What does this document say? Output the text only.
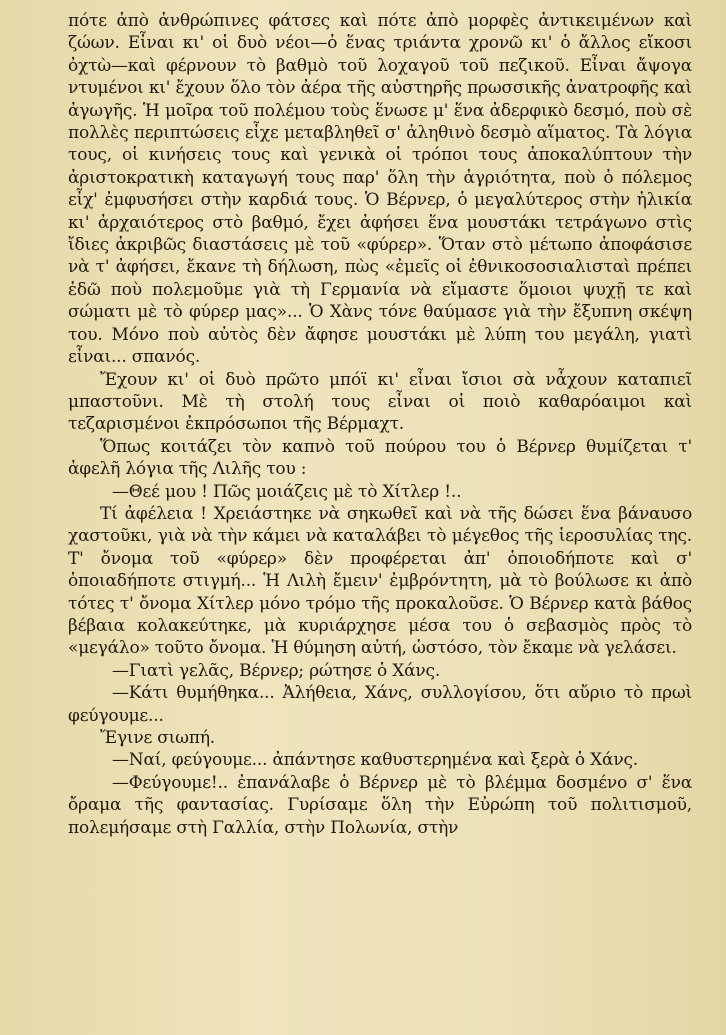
πότε ἀπὸ ἀνθρώπινες φάτσες καὶ πότε ἀπὸ μορφὲς ἀντικειμένων καὶ ζώων. Εἶναι κι' οἱ δυὸ νέοι—ὁ ἕνας τριάντα χρονῶ κι' ὁ ἄλλος εἴκοσι ὀχτὼ—καὶ φέρνουν τὸ βαθμὸ τοῦ λοχαγοῦ τοῦ πεζικοῦ. Εἶναι ἄψογα ντυμένοι κι' ἔχουν ὅλο τὸν ἀέρα τῆς αὐστηρῆς πρωσσικῆς ἀνατροφῆς καὶ ἀγωγῆς. Ἡ μοῖρα τοῦ πολέμου τοὺς ἕνωσε μ' ἕνα ἀδερφικὸ δεσμό, ποὺ σὲ πολλὲς περιπτώσεις εἶχε μεταβληθεῖ σ' ἀληθινὸ δεσμὸ αἵματος. Τὰ λόγια τους, οἱ κινήσεις τους καὶ γενικὰ οἱ τρόποι τους ἀποκαλύπτουν τὴν ἀριστοκρατικὴ καταγωγή τους παρ' ὅλη τὴν ἀγριότητα, ποὺ ὁ πόλεμος εἶχ' ἐμφυσήσει στὴν καρδιά τους. Ὁ Βέρνερ, ὁ μεγαλύτερος στὴν ἡλικία κι' ἀρχαιότερος στὸ βαθμό, ἔχει ἀφήσει ἕνα μουστάκι τετράγωνο στὶς ἴδιες ἀκριβῶς διαστάσεις μὲ τοῦ «φύρερ». Ὅταν στὸ μέτωπο ἀποφάσισε νὰ τ' ἀφήσει, ἔκανε τὴ δήλωση, πὼς «ἐμεῖς οἱ ἐθνικοσοσιαλισταὶ πρέπει ἐδῶ ποὺ πολεμοῦμε γιὰ τὴ Γερμανία νὰ εἴμαστε ὅμοιοι ψυχῇ τε καὶ σώματι μὲ τὸ φύρερ μας»... Ὁ Χὰνς τόνε θαύμασε γιὰ τὴν ἔξυπνη σκέψη του. Μόνο ποὺ αὐτὸς δὲν ἄφησε μουστάκι μὲ λύπη του μεγάλη, γιατὶ εἶναι... σπανός.

Ἔχουν κι' οἱ δυὸ πρῶτο μπόϊ κι' εἶναι ἴσιοι σὰ νἆχουν καταπιεῖ μπαστοῦνι. Μὲ τὴ στολή τους εἶναι οἱ ποιὸ καθαρόαιμοι καὶ τεζαρισμένοι ἐκπρόσωποι τῆς Βέρμαχτ.

Ὅπως κοιτάζει τὸν καπνὸ τοῦ πούρου του ὁ Βέρνερ θυμίζεται τ' ἀφελῆ λόγια τῆς Λιλῆς του :

—Θεέ μου ! Πῶς μοιάζεις μὲ τὸ Χίτλερ !..

Τί ἀφέλεια ! Χρειάστηκε νὰ σηκωθεῖ καὶ νὰ τῆς δώσει ἕνα βάναυσο χαστοῦκι, γιὰ νὰ τὴν κάμει νὰ καταλάβει τὸ μέγεθος τῆς ἱεροσυλίας της. Τ' ὄνομα τοῦ «φύρερ» δὲν προφέρεται ἀπ' ὁποιοδήποτε καὶ σ' ὁποιαδήποτε στιγμή... Ἡ Λιλὴ ἔμειν' ἐμβρόντητη, μὰ τὸ βούλωσε κι ἀπὸ τότες τ' ὄνομα Χίτλερ μόνο τρόμο τῆς προκαλοῦσε. Ὁ Βέρνερ κατὰ βάθος βέβαια κολακεύτηκε, μὰ κυριάρχησε μέσα του ὁ σεβασμὸς πρὸς τὸ «μεγάλο» τοῦτο ὄνομα. Ἡ θύμηση αὐτή, ὡστόσο, τὸν ἔκαμε νὰ γελάσει.

—Γιατὶ γελᾶς, Βέρνερ; ρώτησε ὁ Χάνς.

—Κάτι θυμήθηκα... Ἀλήθεια, Χάνς, συλλογίσου, ὅτι αὔριο τὸ πρωὶ φεύγουμε...

Ἔγινε σιωπή.

—Ναί, φεύγουμε... ἀπάντησε καθυστερημένα καὶ ξερὰ ὁ Χάνς.

—Φεύγουμε!.. ἐπανάλαβε ὁ Βέρνερ μὲ τὸ βλέμμα δοσμένο σ' ἕνα ὄραμα τῆς φαντασίας. Γυρίσαμε ὅλη τὴν Εὐρώπη τοῦ πολιτισμοῦ, πολεμήσαμε στὴ Γαλλία, στὴν Πολωνία, στὴν
